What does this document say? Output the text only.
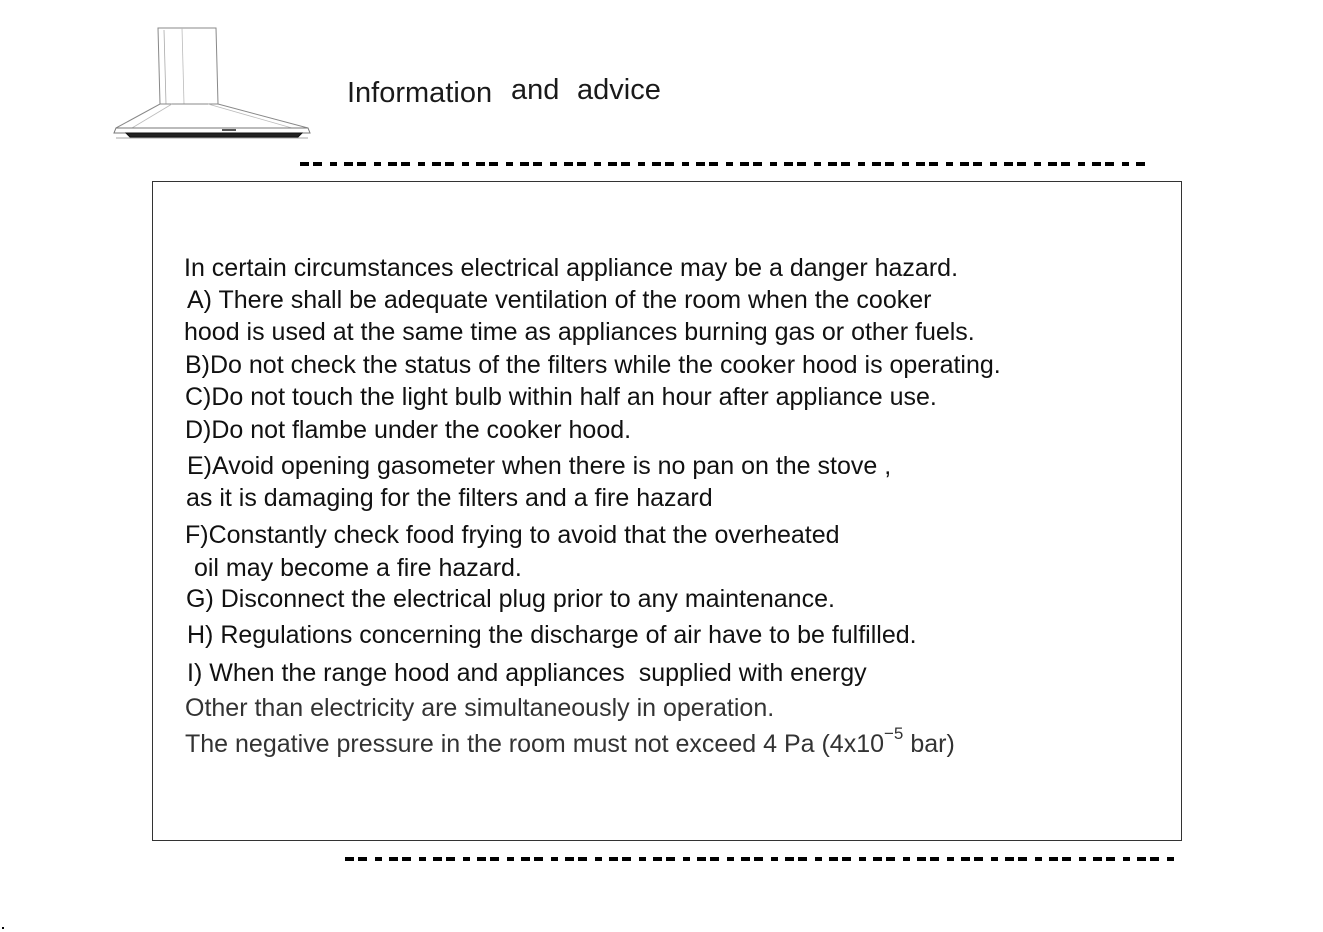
Information and advice
In certain circumstances electrical appliance may be a danger hazard.
A) There shall be adequate ventilation of the room when the cooker
hood is used at the same time as appliances burning gas or other fuels.
B)Do not check the status of the filters while the cooker hood is operating.
C)Do not touch the light bulb within half an hour after appliance use.
D)Do not flambe under the cooker hood.
E)Avoid opening gasometer when there is no pan on the stove ,
as it is damaging for the filters and a fire hazard
F)Constantly check food frying to avoid that the overheated
oil may become a fire hazard.
G) Disconnect the electrical plug prior to any maintenance.
H) Regulations concerning the discharge of air have to be fulfilled.
I) When the range hood and appliances  supplied with energy
Other than electricity are simultaneously in operation.
The negative pressure in the room must not exceed 4 Pa ($4x10^{-5}$ bar)
